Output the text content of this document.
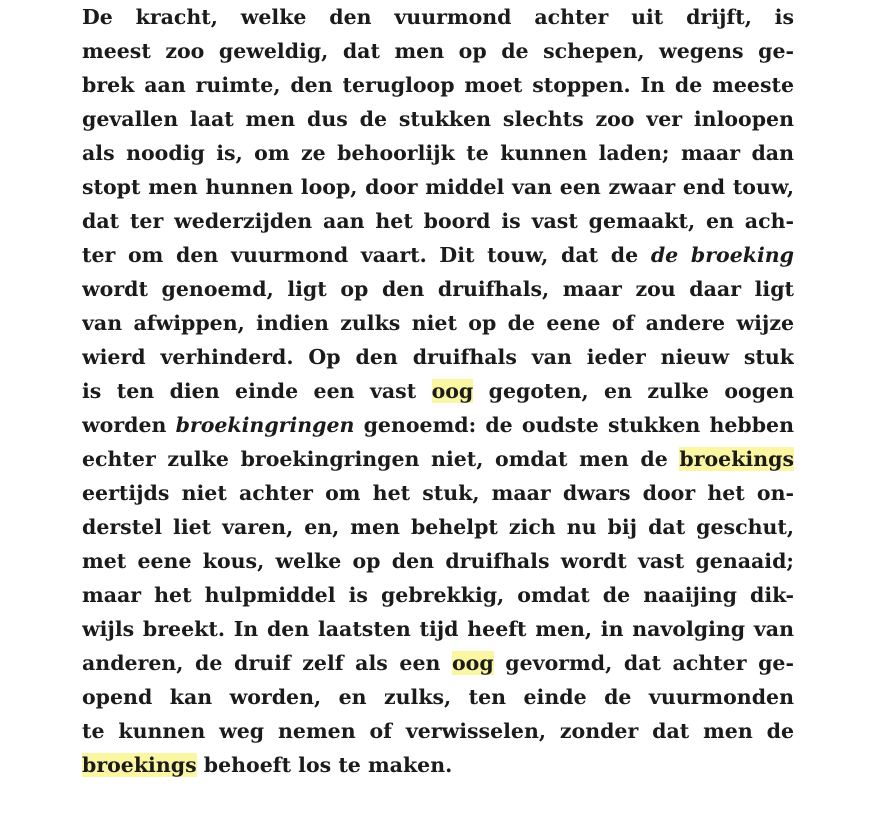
De kracht, welke den vuurmond achter uit drijft, is
meest zoo geweldig, dat men op de schepen, wegens ge-
brek aan ruimte, den terugloop moet stoppen. In de meeste
gevallen laat men dus de stukken slechts zoo ver inloopen
als noodig is, om ze behoorlijk te kunnen laden; maar dan
stopt men hunnen loop, door middel van een zwaar end touw,
dat ter wederzijden aan het boord is vast gemaakt, en ach-
ter om den vuurmond vaart. Dit touw, dat de de broeking
wordt genoemd, ligt op den druifhals, maar zou daar ligt
van afwippen, indien zulks niet op de eene of andere wijze
wierd verhinderd. Op den druifhals van ieder nieuw stuk
is ten dien einde een vast oog gegoten, en zulke oogen
worden broekingringen genoemd: de oudste stukken hebben
echter zulke broekingringen niet, omdat men de broekings
eertijds niet achter om het stuk, maar dwars door het on-
derstel liet varen, en, men behelpt zich nu bij dat geschut,
met eene kous, welke op den druifhals wordt vast genaaid;
maar het hulpmiddel is gebrekkig, omdat de naaijing dik-
wijls breekt. In den laatsten tijd heeft men, in navolging van
anderen, de druif zelf als een oog gevormd, dat achter ge-
opend kan worden, en zulks, ten einde de vuurmonden
te kunnen weg nemen of verwisselen, zonder dat men de
broekings behoeft los te maken.
